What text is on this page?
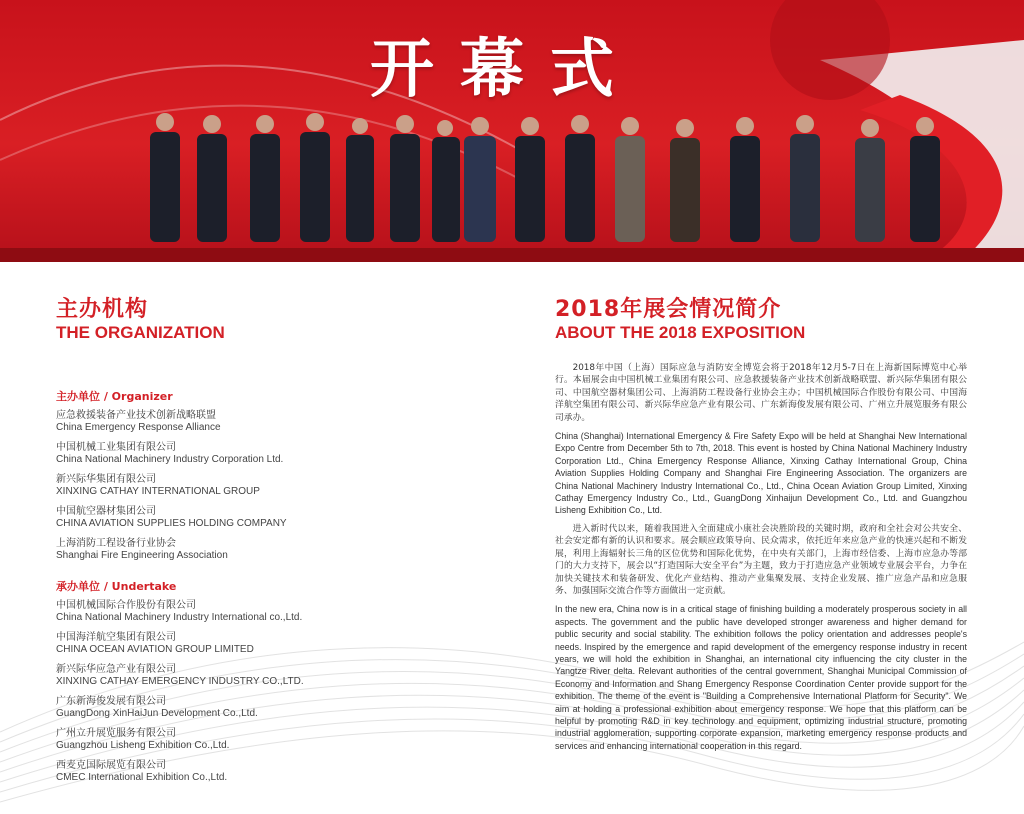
开幕式
主办机构
THE ORGANIZATION
主办单位 / Organizer
应急救援装备产业技术创新战略联盟
China Emergency Response Alliance
中国机械工业集团有限公司
China National Machinery Industry Corporation Ltd.
新兴际华集团有限公司
XINXING CATHAY INTERNATIONAL GROUP
中国航空器材集团公司
CHINA AVIATION SUPPLIES HOLDING COMPANY
上海消防工程设备行业协会
Shanghai Fire Engineering Association
承办单位 / Undertake
中国机械国际合作股份有限公司
China National Machinery Industry International co.,Ltd.
中国海洋航空集团有限公司
CHINA OCEAN AVIATION GROUP LIMITED
新兴际华应急产业有限公司
XINXING CATHAY EMERGENCY INDUSTRY CO.,LTD.
广东新海俊发展有限公司
GuangDong XinHaiJun Development Co.,Ltd.
广州立升展览服务有限公司
Guangzhou Lisheng Exhibition Co.,Ltd.
西麦克国际展览有限公司
CMEC International Exhibition Co.,Ltd.
2018年展会情况简介
ABOUT THE 2018 EXPOSITION

2018年中国（上海）国际应急与消防安全博览会将于2018年12月5-7日在上海新国际博览中心举行。本届展会由中国机械工业集团有限公司、应急救援装备产业技术创新战略联盟、新兴际华集团有限公司、中国航空器材集团公司、上海消防工程设备行业协会主办；中国机械国际合作股份有限公司、中国海洋航空集团有限公司、新兴际华应急产业有限公司、广东新海俊发展有限公司、广州立升展览服务有限公司承办。

China (Shanghai) International Emergency & Fire Safety Expo will be held at Shanghai New International Expo Centre from December 5th to 7th, 2018. This event is hosted by China National Machinery Industry Corporation Ltd., China Emergency Response Alliance, Xinxing Cathay International Group, China Aviation Supplies Holding Company and Shanghai Fire Engineering Association. The organizers are China National Machinery Industry International Co., Ltd., China Ocean Aviation Group Limited, Xinxing Cathay Emergency Industry Co., Ltd., GuangDong Xinhaijun Development Co., Ltd. and Guangzhou Lisheng Exhibition Co., Ltd.

进入新时代以来，随着我国进入全面建成小康社会决胜阶段的关键时期，政府和全社会对公共安全、社会安定都有新的认识和要求。展会顺应政策导向、民众需求，依托近年来应急产业的快速兴起和不断发展，利用上海辐射长三角的区位优势和国际化优势，在中央有关部门，上海市经信委、上海市应急办等部门的大力支持下，展会以“打造国际大安全平台”为主题，致力于打造应急产业领域专业展会平台，力争在加快关键技术和装备研发、优化产业结构、推动产业集聚发展、支持企业发展、推广应急产品和应急服务、加强国际交流合作等方面做出一定贡献。

In the new era, China now is in a critical stage of finishing building a moderately prosperous society in all aspects. The government and the public have developed stronger awareness and higher demand for public security and social stability. The exhibition follows the policy orientation and addresses people's needs. Inspired by the emergence and rapid development of the emergency response industry in recent years, we will hold the exhibition in Shanghai, an international city influencing the city cluster in the Yangtze River delta. Relevant authorities of the central government, Shanghai Municipal Commission of Economy and Information and Shang Emergency Response Coordination Center provide support for the exhibition. The theme of the event is "Building a Comprehensive International Platform for Security". We aim at holding a professional exhibition about emergency response. We hope that this platform can be helpful by promoting R&D in key technology and equipment, optimizing industrial structure, promoting industrial agglomeration, supporting corporate expansion, marketing emergency response products and services and enhancing international cooperation in this regard.
